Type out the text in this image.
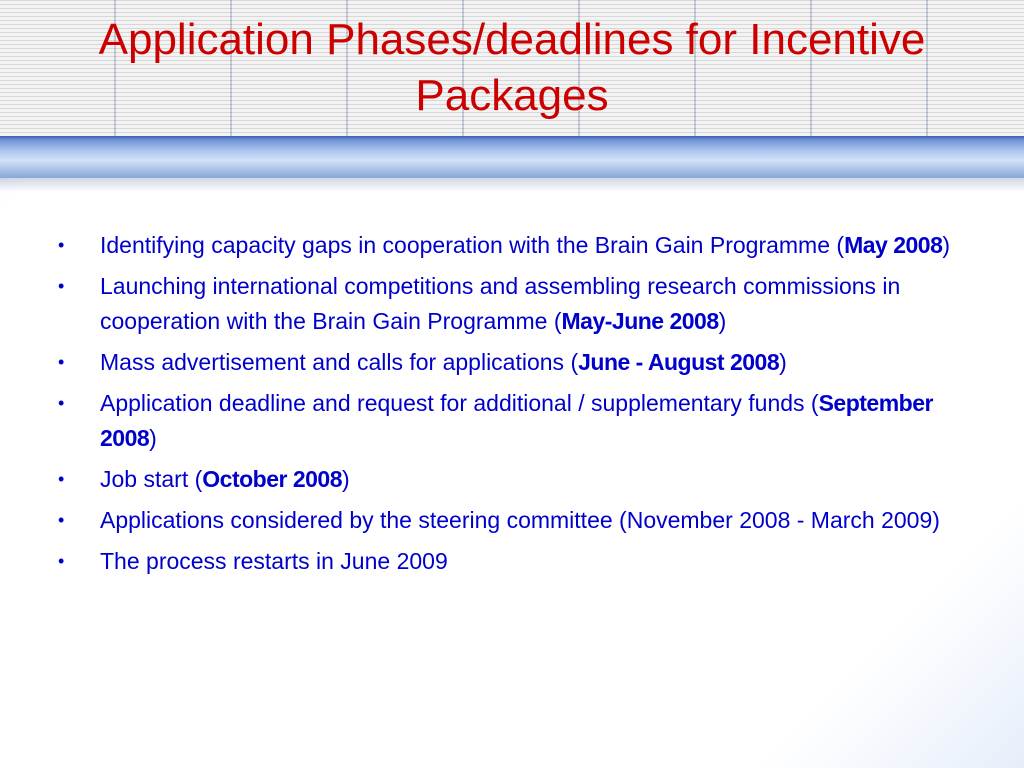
Application Phases/deadlines for Incentive Packages
•	Identifying capacity gaps in cooperation with the Brain Gain Programme (May 2008)
•	Launching international competitions and assembling research commissions in cooperation with the Brain Gain Programme (May-June 2008)
•	Mass advertisement and calls for applications (June - August 2008)
•	Application deadline and request for additional / supplementary funds (September 2008)
•	Job start (October 2008)
•	Applications considered by the steering committee (November 2008 - March 2009)
•	The process restarts in June 2009
